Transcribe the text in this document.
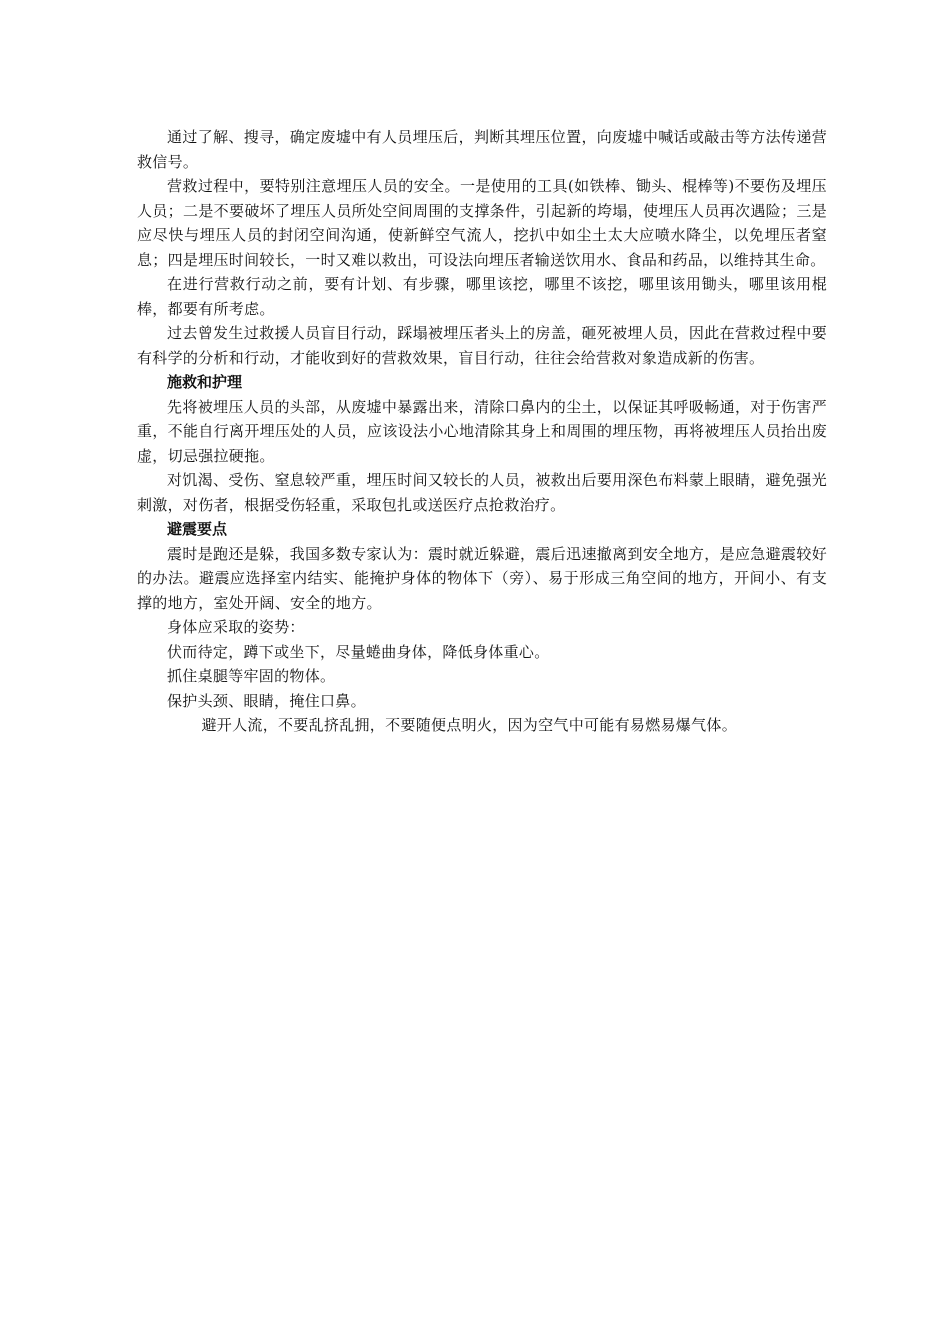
通过了解、搜寻，确定废墟中有人员埋压后，判断其埋压位置，向废墟中喊话或敲击等方法传递营救信号。

营救过程中，要特别注意埋压人员的安全。一是使用的工具(如铁棒、锄头、棍棒等)不要伤及埋压人员；二是不要破坏了埋压人员所处空间周围的支撑条件，引起新的垮塌，使埋压人员再次遇险；三是应尽快与埋压人员的封闭空间沟通，使新鲜空气流人，挖扒中如尘土太大应喷水降尘，以免埋压者窒息；四是埋压时间较长，一时又难以救出，可设法向埋压者输送饮用水、食品和药品，以维持其生命。

在进行营救行动之前，要有计划、有步骤，哪里该挖，哪里不该挖，哪里该用锄头，哪里该用棍棒，都要有所考虑。

过去曾发生过救援人员盲目行动，踩塌被埋压者头上的房盖，砸死被埋人员，因此在营救过程中要有科学的分析和行动，才能收到好的营救效果，盲目行动，往往会给营救对象造成新的伤害。

施救和护理

先将被埋压人员的头部，从废墟中暴露出来，清除口鼻内的尘土，以保证其呼吸畅通，对于伤害严重，不能自行离开埋压处的人员，应该设法小心地清除其身上和周围的埋压物，再将被埋压人员抬出废虚，切忌强拉硬拖。

对饥渴、受伤、窒息较严重，埋压时间又较长的人员，被救出后要用深色布料蒙上眼睛，避免强光刺激，对伤者，根据受伤轻重，采取包扎或送医疗点抢救治疗。

避震要点

震时是跑还是躲，我国多数专家认为：震时就近躲避，震后迅速撤离到安全地方，是应急避震较好的办法。避震应选择室内结实、能掩护身体的物体下（旁）、易于形成三角空间的地方，开间小、有支撑的地方，室处开阔、安全的地方。

身体应采取的姿势：

伏而待定，蹲下或坐下，尽量蜷曲身体，降低身体重心。

抓住桌腿等牢固的物体。

保护头颈、眼睛，掩住口鼻。

避开人流，不要乱挤乱拥，不要随便点明火，因为空气中可能有易燃易爆气体。
